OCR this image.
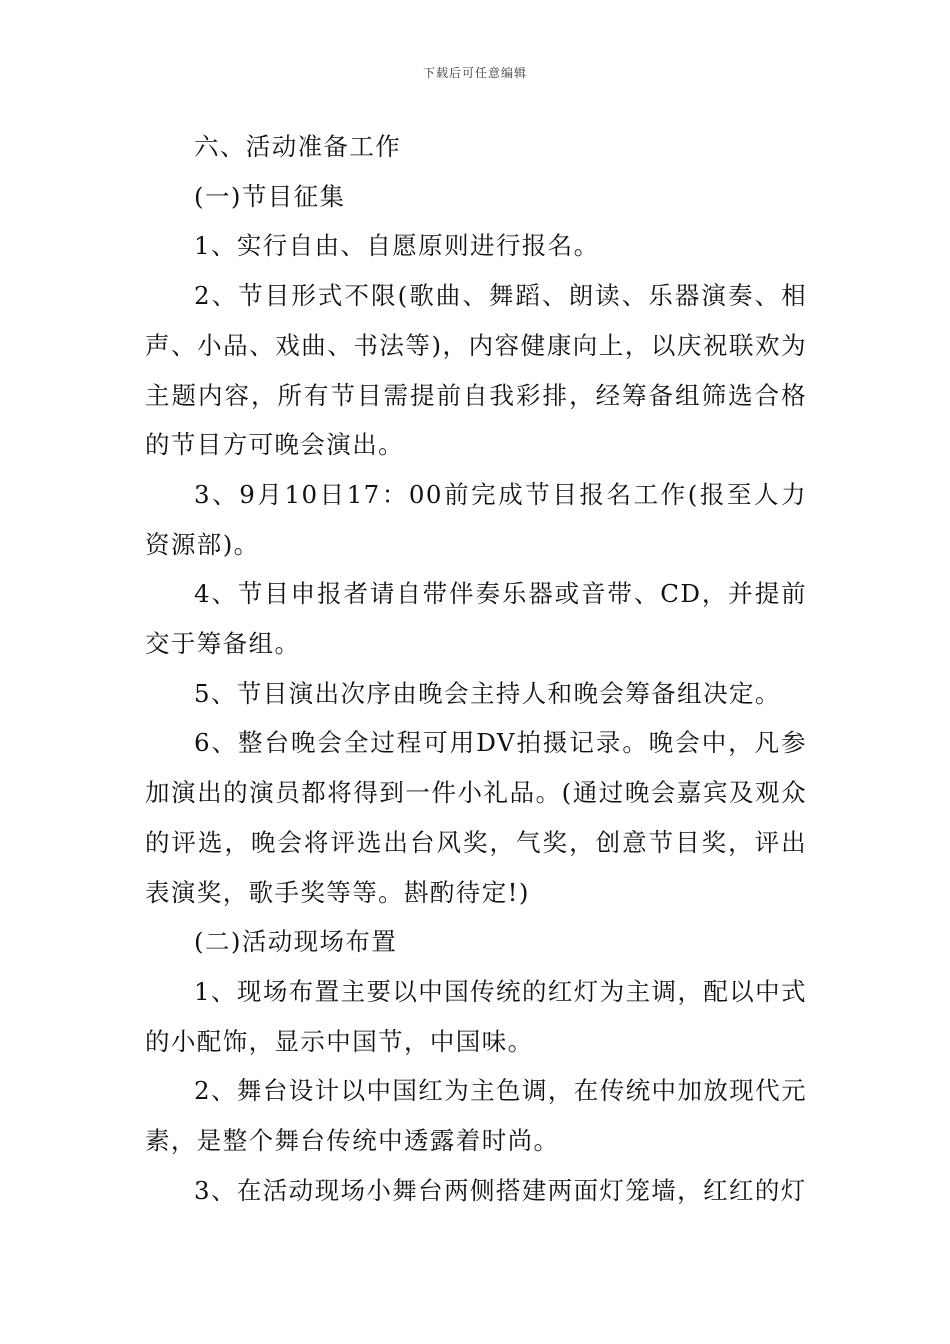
下载后可任意编辑

六、活动准备工作

(一)节目征集

1、实行自由、自愿原则进行报名。

2、节目形式不限(歌曲、舞蹈、朗读、乐器演奏、相声、小品、戏曲、书法等)，内容健康向上，以庆祝联欢为主题内容，所有节目需提前自我彩排，经筹备组筛选合格的节目方可晚会演出。

3、9月10日17：00前完成节目报名工作(报至人力资源部)。

4、节目申报者请自带伴奏乐器或音带、CD，并提前交于筹备组。

5、节目演出次序由晚会主持人和晚会筹备组决定。

6、整台晚会全过程可用DV拍摄记录。晚会中，凡参加演出的演员都将得到一件小礼品。(通过晚会嘉宾及观众的评选，晚会将评选出台风奖，气奖，创意节目奖，评出表演奖，歌手奖等等。斟酌待定!)

(二)活动现场布置

1、现场布置主要以中国传统的红灯为主调，配以中式的小配饰，显示中国节，中国味。

2、舞台设计以中国红为主色调，在传统中加放现代元素，是整个舞台传统中透露着时尚。

3、在活动现场小舞台两侧搭建两面灯笼墙，红红的灯
